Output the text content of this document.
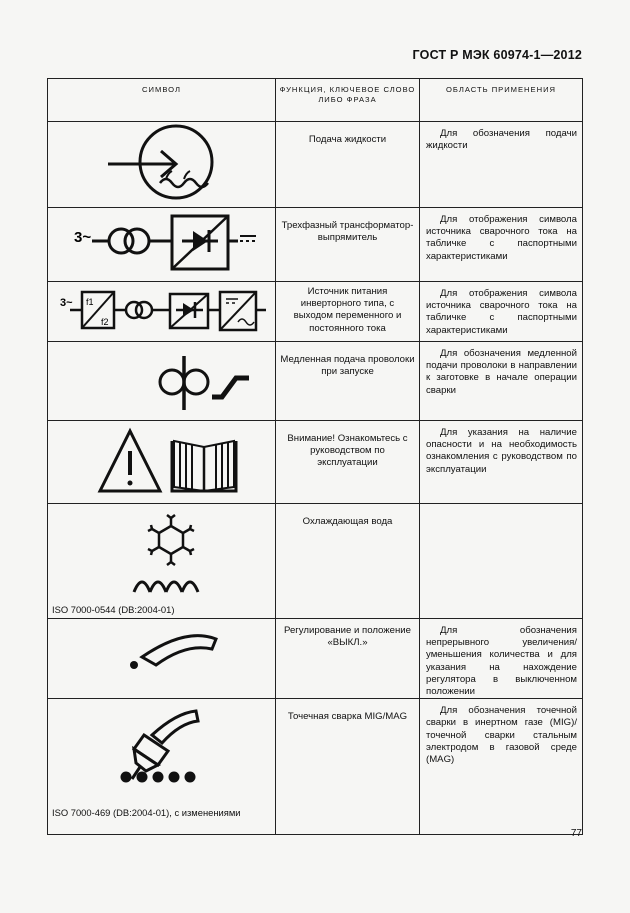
ГОСТ Р МЭК 60974-1—2012
СИМВОЛ	ФУНКЦИЯ, КЛЮЧЕВОЕ СЛОВО ЛИБО ФРАЗА	ОБЛАСТЬ ПРИМЕНЕНИЯ

	Подача жидкости	Для обозначения подачи жидкости

3~	Трехфазный трансформатор-выпрямитель	Для отображения символа источника сварочного тока на табличке с паспортными характеристиками

3~ f1
f2	Источник питания инверторного типа, с выходом переменного и постоянного тока	Для отображения символа источника сварочного тока на табличке с паспортными характеристиками

	Медленная подача проволоки при запуске	Для обозначения медленной подачи проволоки в направлении к заготовке в начале операции сварки

	Внимание! Ознакомьтесь с руководством по эксплуатации	Для указания на наличие опасности и на необходимость ознакомления с руководством по эксплуатации

ISO 7000-0544 (DB:2004-01)	Охлаждающая вода	

	Регулирование и положение «ВЫКЛ.»	Для обозначения непрерывного увеличения/уменьшения количества и для указания на нахождение регулятора в выключенном положении

ISO 7000-469 (DB:2004-01), с изменениями	Точечная сварка MIG/MAG	Для обозначения точечной сварки в инертном газе (MIG)/точечной сварки стальным электродом в газовой среде (MAG)
77
